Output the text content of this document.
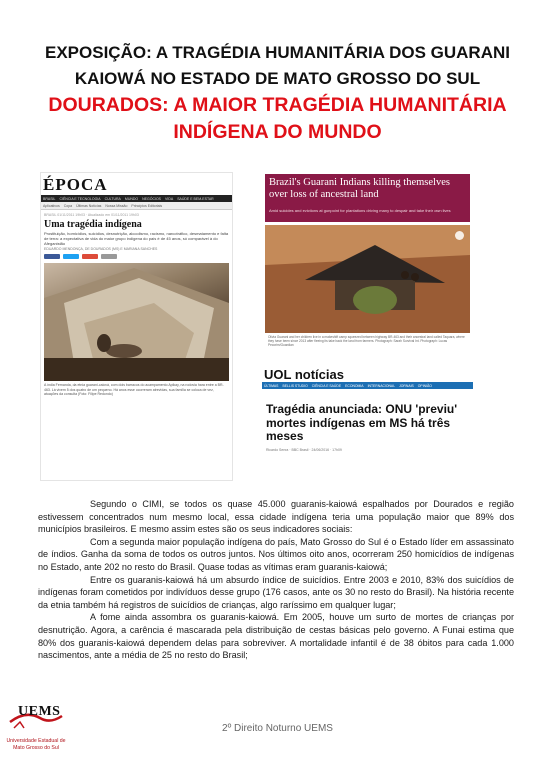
EXPOSIÇÃO: A TRAGÉDIA HUMANITÁRIA DOS GUARANI
KAIOWÁ NO ESTADO DE MATO GROSSO DO SUL
DOURADOS: A MAIOR TRAGÉDIA HUMANITÁRIA
INDÍGENA DO MUNDO
ÉPOCA
BRASIL CIÊNCIA E TECNOLOGIA CULTURA MUNDO NEGÓCIOS VIDA SAÚDE E BEM-ESTAR
Aplicativos Copa Últimas Notícias Nossa Missão Princípios Editoriais
BRASIL 01/11/2011 19h03 · Atualizado em 01/11/2011 19h03
Uma tragédia indígena
Prostituição, homicídios, suicídios, desnutrição, alcoolismo, racismo, narcotráfico, desmatamento e falta de terra: a expectativa de vida do maior grupo indígena do país é de 45 anos, só comparável à do Afeganistão
EDUARDO MENDONÇA, DE DOURADOS (MS) E MARIANA SANCHES
A índia Fernanda, da etnia guarani-caiová, com dois barracos do acampamento Apikay, na rodovia hara entre a BR-463. Lá vivem 5 dos quatro de um pequeno. Há anos esse ocorreram atrevidas, sua família se coloca de vez, atuações da consulta (Foto: Filipe Redondo)
Brazil's Guarani Indians killing themselves over loss of ancestral land
Amid suicides and evictions at gunpoint for plantations driving many to despair and take their own lives
Olivia Guarani and her children live in a makeshift camp squeezed between highway BR-463 and their ancestral land called Taquara, where they have been since 2013 after fleeing its take back the land from farmers. Photograph: Sarah Survival Int. Photograph: Lucas Pecorim/Guardian
UOL notícias
ÚLTIMAS BELLIS STUDIO CIÊNCIA E SAÚDE ECONOMIA INTERNACIONAL JORNAIS OPINIÃO
Tragédia anunciada: ONU 'previu' mortes indígenas em MS há três meses
Ricardo Senra · BBC Brasil · 24/06/2016 · 17h09

Segundo o CIMI, se todos os quase 45.000 guaranis-kaiowá espalhados por Dourados e região estivessem concentrados num mesmo local, essa cidade indígena teria uma população maior que 89% dos municípios brasileiros. E mesmo assim estes são os seus indicadores sociais:

Com a segunda maior população indígena do país, Mato Grosso do Sul é o Estado líder em assassinato de índios. Ganha da soma de todos os outros juntos. Nos últimos oito anos, ocorreram 250 homicídios de indígenas no Estado, ante 202 no resto do Brasil. Quase todas as vítimas eram guaranis-kaiowá;

Entre os guaranis-kaiowá há um absurdo índice de suicídios. Entre 2003 e 2010, 83% dos suicídios de indígenas foram cometidos por indivíduos desse grupo (176 casos, ante os 30 no resto do Brasil). Na história recente da etnia também há registros de suicídios de crianças, algo raríssimo em qualquer lugar;

A fome ainda assombra os guaranis-kaiowá. Em 2005, houve um surto de mortes de crianças por desnutrição. Agora, a carência é mascarada pela distribuição de cestas básicas pelo governo. A Funai estima que 80% dos guaranis-kaiowá dependem delas para sobreviver. A mortalidade infantil é de 38 óbitos para cada 1.000 nascimentos, ante a média de 25 no resto do Brasil;

UEMS
Universidade Estadual de Mato Grosso do Sul
2º Direito Noturno UEMS
